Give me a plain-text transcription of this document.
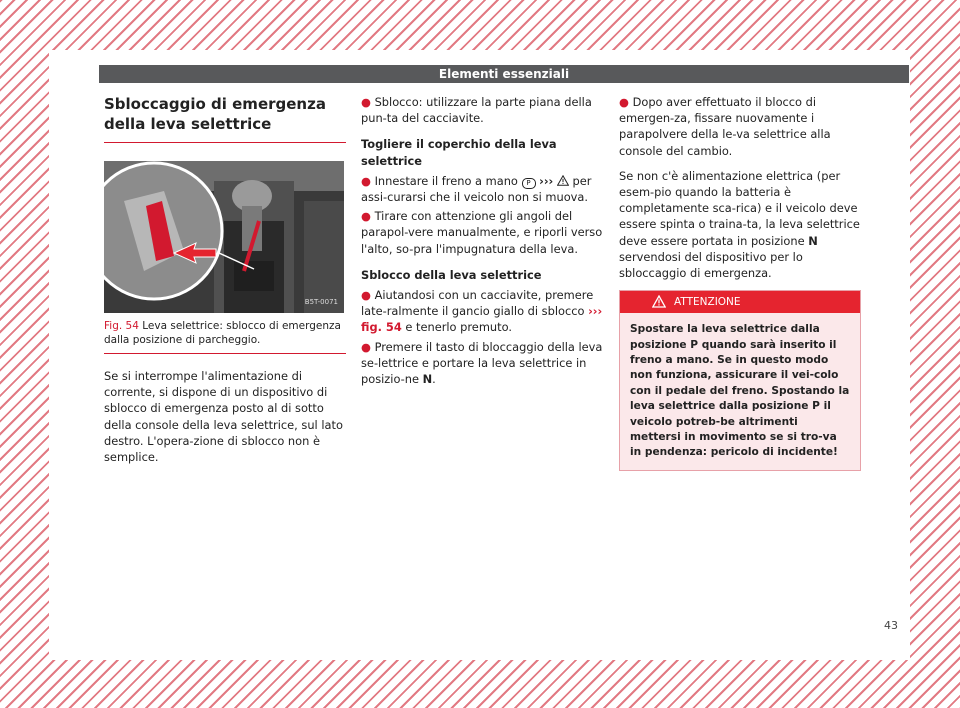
Elementi essenziali
Sbloccaggio di emergenza della leva selettrice
B5T-0071

Fig. 54 Leva selettrice: sblocco di emergenza dalla posizione di parcheggio.

Se si interrompe l'alimentazione di corrente, si dispone di un dispositivo di sblocco di emergenza posto al di sotto della console della leva selettrice, sul lato destro. L'opera-zione di sblocco non è semplice.

● Sblocco: utilizzare la parte piana della pun-ta del cacciavite.

Togliere il coperchio della leva selettrice

● Innestare il freno a mano P ››› per assi-curarsi che il veicolo non si muova.

● Tirare con attenzione gli angoli del parapol-vere manualmente, e riporli verso l'alto, so-pra l'impugnatura della leva.

Sblocco della leva selettrice

● Aiutandosi con un cacciavite, premere late-ralmente il gancio giallo di sblocco ››› fig. 54 e tenerlo premuto.

● Premere il tasto di bloccaggio della leva se-lettrice e portare la leva selettrice in posizio-ne N.

● Dopo aver effettuato il blocco di emergen-za, fissare nuovamente i parapolvere della le-va selettrice alla console del cambio.

Se non c'è alimentazione elettrica (per esem-pio quando la batteria è completamente sca-rica) e il veicolo deve essere spinta o traina-ta, la leva selettrice deve essere portata in posizione N servendosi del dispositivo per lo sbloccaggio di emergenza.

ATTENZIONE
Spostare la leva selettrice dalla posizione P quando sarà inserito il freno a mano. Se in questo modo non funziona, assicurare il vei-colo con il pedale del freno. Spostando la leva selettrice dalla posizione P il veicolo potreb-be altrimenti mettersi in movimento se si tro-va in pendenza: pericolo di incidente!
43
